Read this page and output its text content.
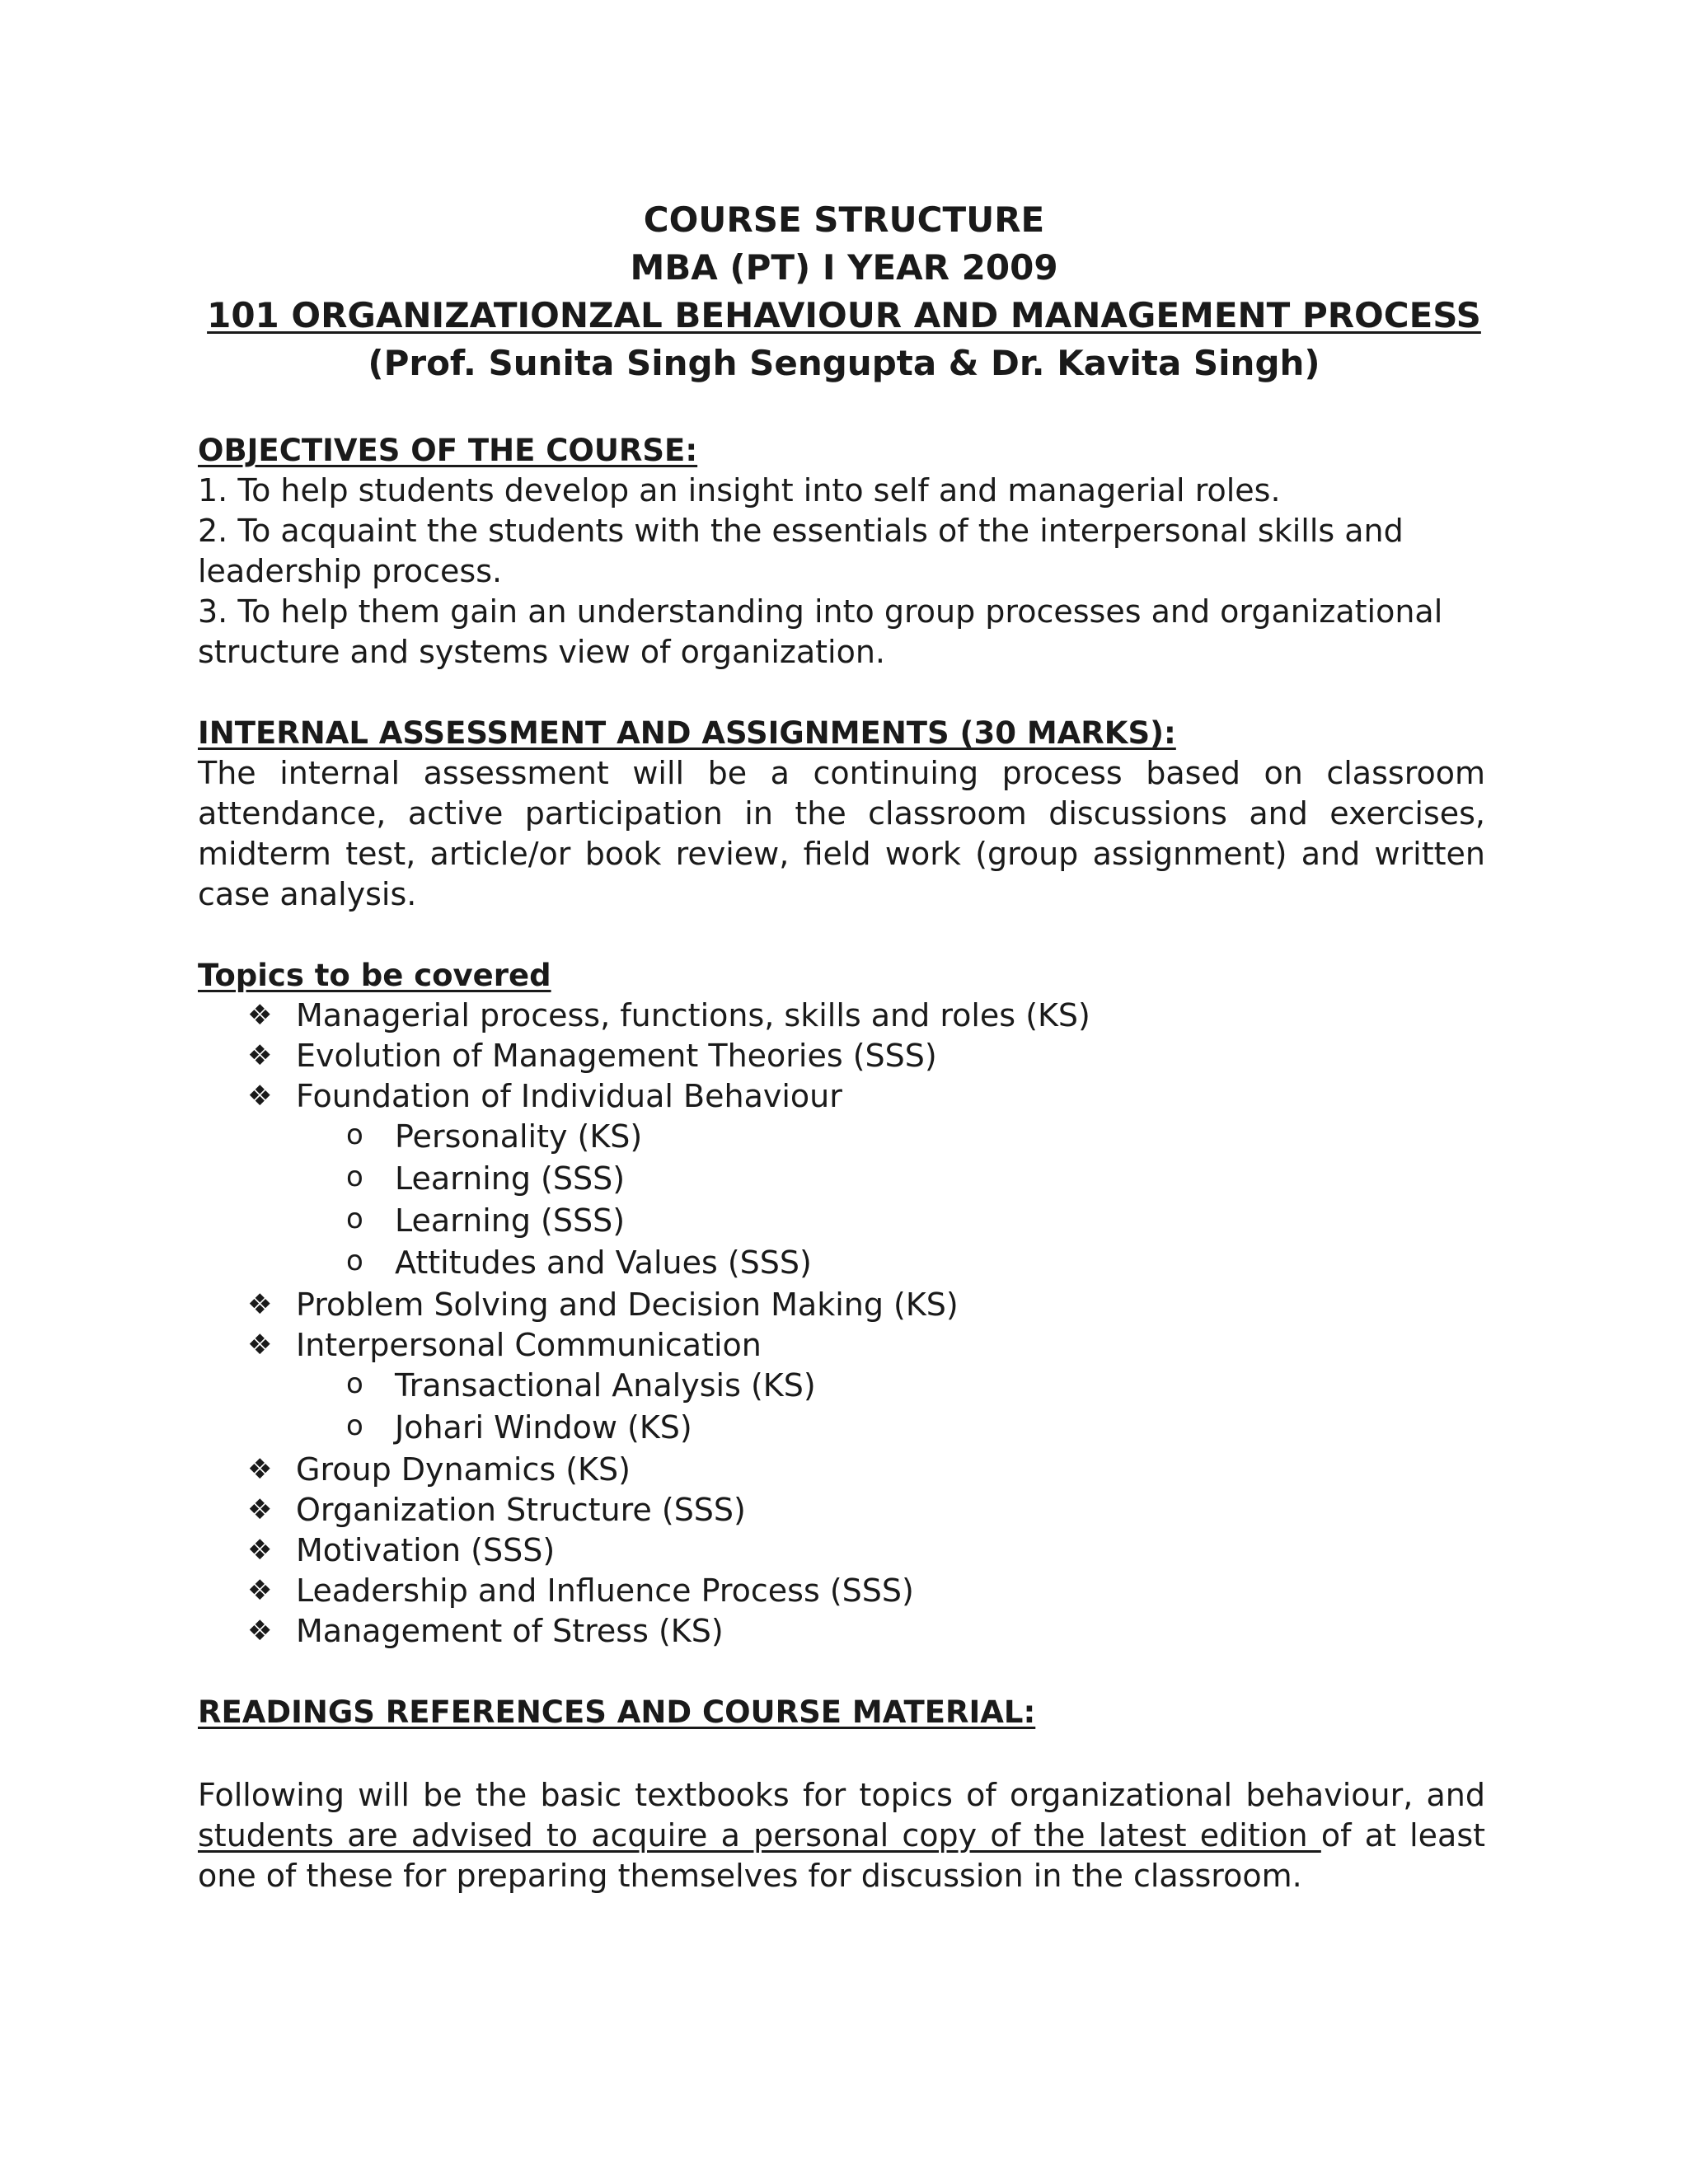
COURSE STRUCTURE
MBA (PT) I YEAR 2009
101 ORGANIZATIONZAL BEHAVIOUR AND MANAGEMENT PROCESS
(Prof. Sunita Singh Sengupta & Dr. Kavita Singh)
OBJECTIVES OF THE COURSE:
1. To help students develop an insight into self and managerial roles.
2. To acquaint the students with the essentials of the interpersonal skills and leadership process.
3. To help them gain an understanding into group processes and organizational structure and systems view of organization.
INTERNAL ASSESSMENT AND ASSIGNMENTS (30 MARKS):
The internal assessment will be a continuing process based on classroom attendance, active participation in the classroom discussions and exercises, midterm test, article/or book review, field work (group assignment) and written case analysis.
Topics to be covered
❖ Managerial process, functions, skills and roles (KS)
❖ Evolution of Management Theories (SSS)
❖ Foundation of Individual Behaviour
o Personality (KS)
o Learning (SSS)
o Learning (SSS)
o Attitudes and Values (SSS)
❖ Problem Solving and Decision Making (KS)
❖ Interpersonal Communication
o Transactional Analysis (KS)
o Johari Window (KS)
❖ Group Dynamics (KS)
❖ Organization Structure (SSS)
❖ Motivation (SSS)
❖ Leadership and Influence Process (SSS)
❖ Management of Stress (KS)
READINGS REFERENCES AND COURSE MATERIAL:
Following will be the basic textbooks for topics of organizational behaviour, and students are advised to acquire a personal copy of the latest edition of at least one of these for preparing themselves for discussion in the classroom.
